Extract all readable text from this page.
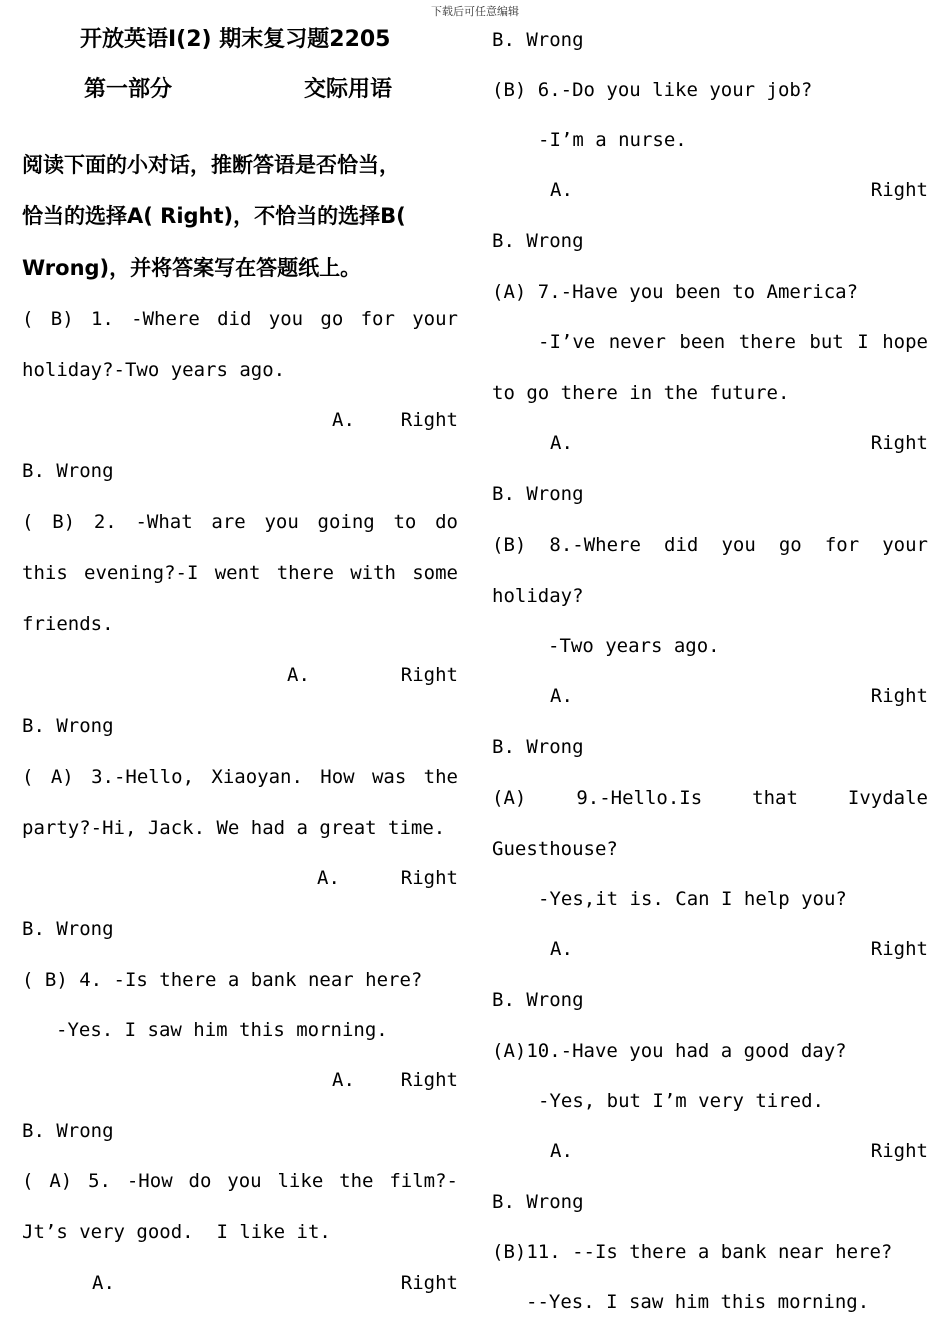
下载后可任意编辑
开放英语Ⅰ(2) 期末复习题2205
第一部分	交际用语
阅读下面的小对话，推断答语是否恰当，
恰当的选择A( Right)，不恰当的选择B(
Wrong)，并将答案写在答题纸上。
( B) 1. -Where did you go for your
holiday?-Two years ago.
A. Right
B. Wrong
( B) 2. -What are you going to do
this evening?-I went there with some
friends.
A.	Right
B. Wrong
( A) 3.-Hello, Xiaoyan. How was the
party?-Hi, Jack. We had a great time.
A.	Right
B. Wrong
( B) 4. -Is there a bank near here?
-Yes. I saw him this morning.
A. Right
B. Wrong
( A) 5. -How do you like the film?-
Jt’s very good.  I like it.
A.	Right
B. Wrong
(B) 6.-Do you like your job?
-I’m a nurse.
A.	Right
B. Wrong
(A) 7.-Have you been to America?
-I’ve never been there but I hope
to go there in the future.
A.	Right
B. Wrong
(B) 8.-Where did you go for your
holiday?
-Two years ago.
A.	Right
B. Wrong
(A) 9.-Hello.Is that Ivydale
Guesthouse?
-Yes,it is. Can I help you?
A.	Right
B. Wrong
(A)10.-Have you had a good day?
-Yes, but I’m very tired.
A.	Right
B. Wrong
(B)11. --Is there a bank near here?
--Yes. I saw him this morning.
